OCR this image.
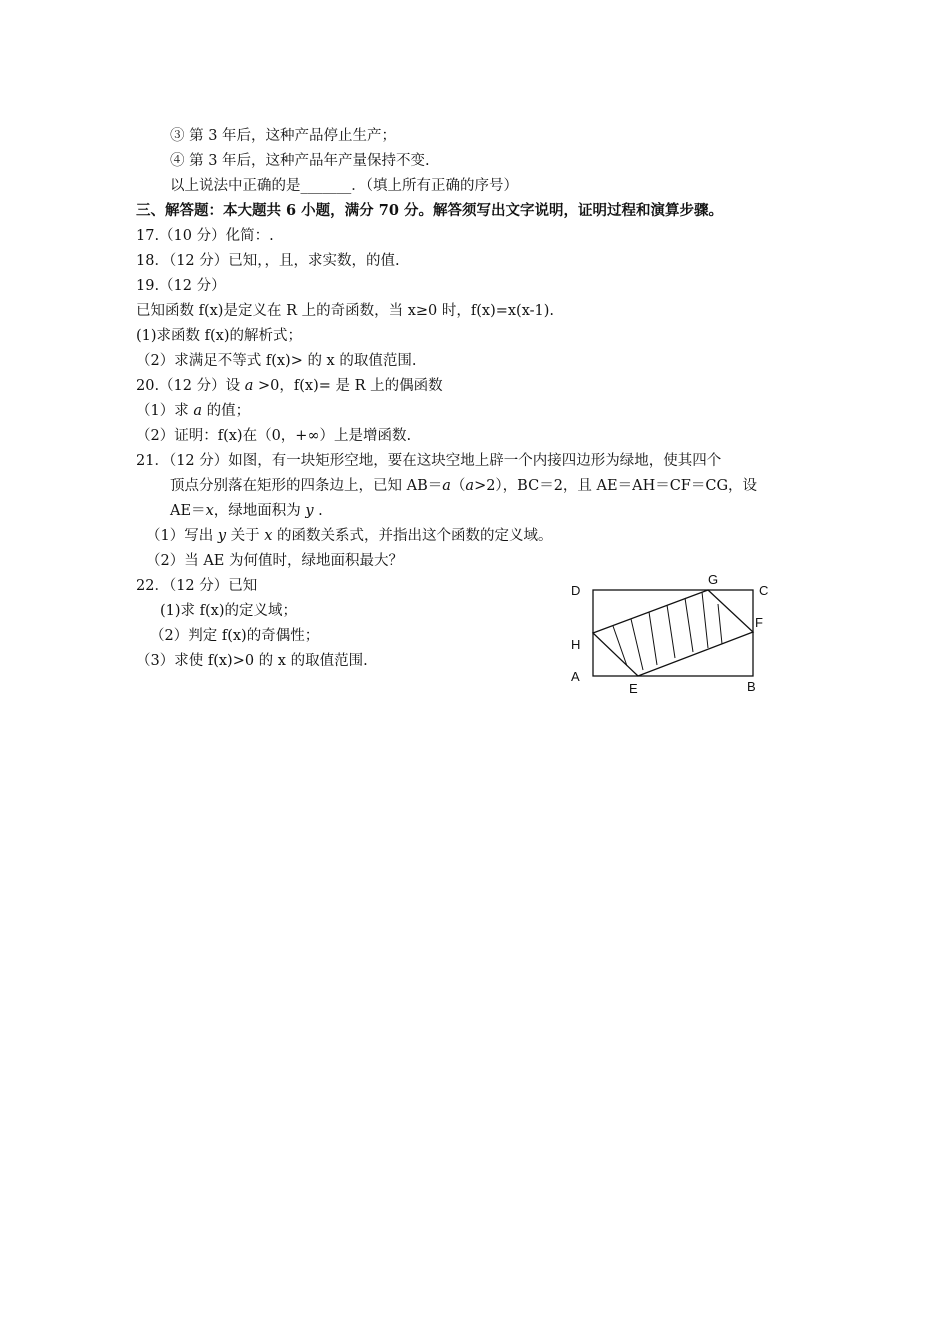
③ 第 3 年后，这种产品停止生产；
④ 第 3 年后，这种产品年产量保持不变.
以上说法中正确的是_______．（填上所有正确的序号）
三、解答题：本大题共 6 小题，满分 70 分。解答须写出文字说明，证明过程和演算步骤。
17.（10 分）化简：.
18．（12 分）已知，，且，求实数，的值.
19.（12 分）
已知函数 f(x)是定义在 R 上的奇函数，当 x≥0 时，f(x)=x(x-1).
(1)求函数 f(x)的解析式；
（2）求满足不等式 f(x)> 的 x 的取值范围.
20.（12 分）设 a >0，f(x)= 是 R 上的偶函数
（1）求 a 的值；
（2）证明：f(x)在（0，+∞）上是增函数.
21．（12 分）如图，有一块矩形空地，要在这块空地上辟一个内接四边形为绿地，使其四个
顶点分别落在矩形的四条边上，已知 AB＝a（a>2），BC＝2，且 AE＝AH＝CF＝CG，设
AE＝x，绿地面积为 y .
（1）写出 y 关于 x 的函数关系式，并指出这个函数的定义域。
（2）当 AE 为何值时，绿地面积最大？
22．（12 分）已知
(1)求 f(x)的定义域；
（2）判定 f(x)的奇偶性；
（3）求使 f(x)>0 的 x 的取值范围.
D
G
C
F
H
A
E	B
